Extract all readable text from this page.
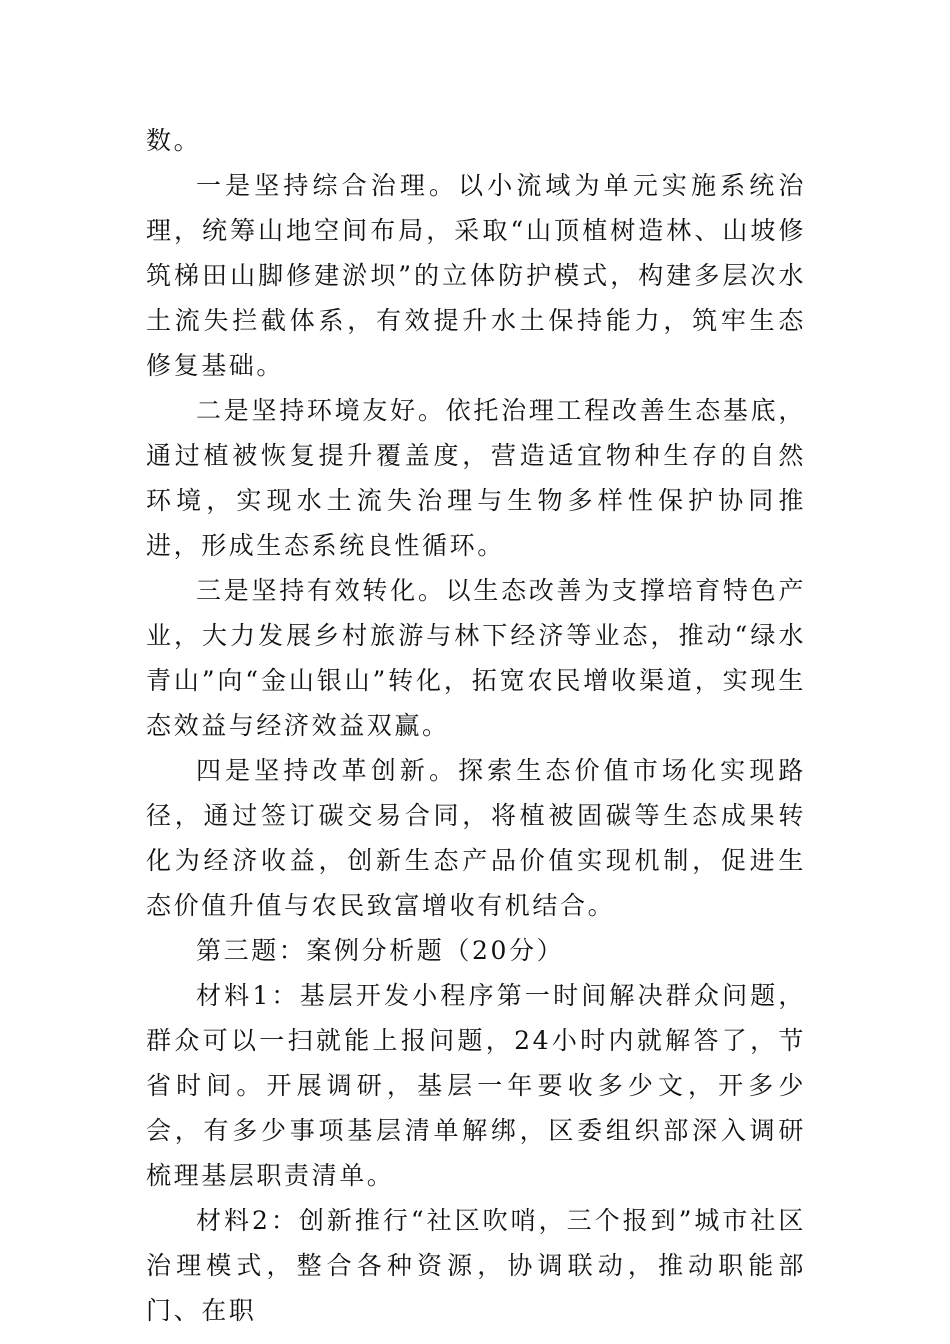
数。

一是坚持综合治理。以小流域为单元实施系统治理，统筹山地空间布局，采取“山顶植树造林、山坡修筑梯田山脚修建淤坝”的立体防护模式，构建多层次水土流失拦截体系，有效提升水土保持能力，筑牢生态修复基础。

二是坚持环境友好。依托治理工程改善生态基底，通过植被恢复提升覆盖度，营造适宜物种生存的自然环境，实现水土流失治理与生物多样性保护协同推进，形成生态系统良性循环。

三是坚持有效转化。以生态改善为支撑培育特色产业，大力发展乡村旅游与林下经济等业态，推动“绿水青山”向“金山银山”转化，拓宽农民增收渠道，实现生态效益与经济效益双赢。

四是坚持改革创新。探索生态价值市场化实现路径，通过签订碳交易合同，将植被固碳等生态成果转化为经济收益，创新生态产品价值实现机制，促进生态价值升值与农民致富增收有机结合。

第三题：案例分析题（20分）

材料1：基层开发小程序第一时间解决群众问题，群众可以一扫就能上报问题，24小时内就解答了，节省时间。开展调研，基层一年要收多少文，开多少会，有多少事项基层清单解绑，区委组织部深入调研梳理基层职责清单。

材料2：创新推行“社区吹哨，三个报到”城市社区治理模式，整合各种资源，协调联动，推动职能部门、在职
